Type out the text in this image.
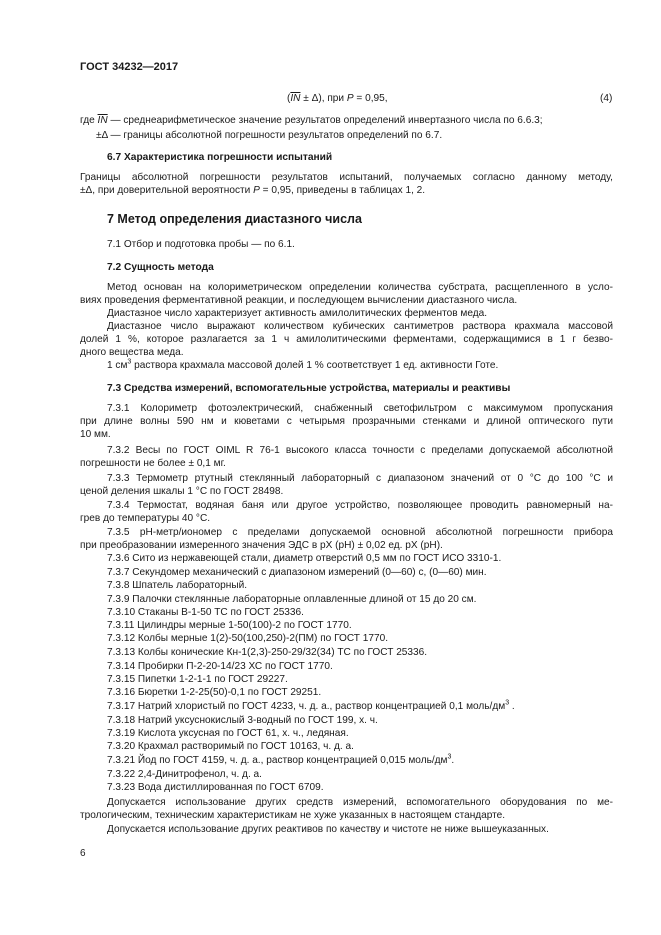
ГОСТ 34232—2017
$(\overline{IN} \pm \Delta)$, при P = 0,95,	(4)
где $\overline{IN}$ — среднеарифметическое значение результатов определений инвертазного числа по 6.6.3;
±Δ — границы абсолютной погрешности результатов определений по 6.7.
6.7 Характеристика погрешности испытаний
Границы абсолютной погрешности результатов испытаний, получаемых согласно данному методу,
±Δ, при доверительной вероятности P = 0,95, приведены в таблицах 1, 2.
7 Метод определения диастазного числа
7.1 Отбор и подготовка пробы — по 6.1.
7.2 Сущность метода
Метод основан на колориметрическом определении количества субстрата, расщепленного в усло-
виях проведения ферментативной реакции, и последующем вычислении диастазного числа.
Диастазное число характеризует активность амилолитических ферментов меда.
Диастазное число выражают количеством кубических сантиметров раствора крахмала массовой
долей 1 %, которое разлагается за 1 ч амилолитическими ферментами, содержащимися в 1 г безво-
дного вещества меда.
1 $см^3$ раствора крахмала массовой долей 1 % соответствует 1 ед. активности Готе.
7.3 Средства измерений, вспомогательные устройства, материалы и реактивы
7.3.1 Колориметр фотоэлектрический, снабженный светофильтром с максимумом пропускания
при длине волны 590 нм и кюветами с четырьмя прозрачными стенками и длиной оптического пути
10 мм.
7.3.2 Весы по ГОСТ OIML R 76-1 высокого класса точности с пределами допускаемой абсолютной
погрешности не более ± 0,1 мг.
7.3.3 Термометр ртутный стеклянный лабораторный с диапазоном значений от 0 °С до 100 °С и
ценой деления шкалы 1 °С по ГОСТ 28498.
7.3.4 Термостат, водяная баня или другое устройство, позволяющее проводить равномерный на-
грев до температуры 40 °С.
7.3.5 pH-метр/иономер с пределами допускаемой основной абсолютной погрешности прибора
при преобразовании измеренного значения ЭДС в рХ (pH) ± 0,02 ед. рХ (pH).
7.3.6 Сито из нержавеющей стали, диаметр отверстий 0,5 мм по ГОСТ ИСО 3310-1.
7.3.7 Секундомер механический с диапазоном измерений (0—60) с, (0—60) мин.
7.3.8 Шпатель лабораторный.
7.3.9 Палочки стеклянные лабораторные оплавленные длиной от 15 до 20 см.
7.3.10 Стаканы В-1-50 ТС по ГОСТ 25336.
7.3.11 Цилиндры мерные 1-50(100)-2 по ГОСТ 1770.
7.3.12 Колбы мерные 1(2)-50(100,250)-2(ПМ) по ГОСТ 1770.
7.3.13 Колбы конические Кн-1(2,3)-250-29/32(34) ТС по ГОСТ 25336.
7.3.14 Пробирки П-2-20-14/23 ХС по ГОСТ 1770.
7.3.15 Пипетки 1-2-1-1 по ГОСТ 29227.
7.3.16 Бюретки 1-2-25(50)-0,1 по ГОСТ 29251.
7.3.17 Натрий хлористый по ГОСТ 4233, ч. д. а., раствор концентрацией 0,1 моль/$дм^3$ .
7.3.18 Натрий уксуснокислый 3-водный по ГОСТ 199, х. ч.
7.3.19 Кислота уксусная по ГОСТ 61, х. ч., ледяная.
7.3.20 Крахмал растворимый по ГОСТ 10163, ч. д. а.
7.3.21 Йод по ГОСТ 4159, ч. д. а., раствор концентрацией 0,015 моль/$дм^3$.
7.3.22 2,4-Динитрофенол, ч. д. а.
7.3.23 Вода дистиллированная по ГОСТ 6709.
Допускается использование других средств измерений, вспомогательного оборудования по ме-
трологическим, техническим характеристикам не хуже указанных в настоящем стандарте.
Допускается использование других реактивов по качеству и чистоте не ниже вышеуказанных.
6
